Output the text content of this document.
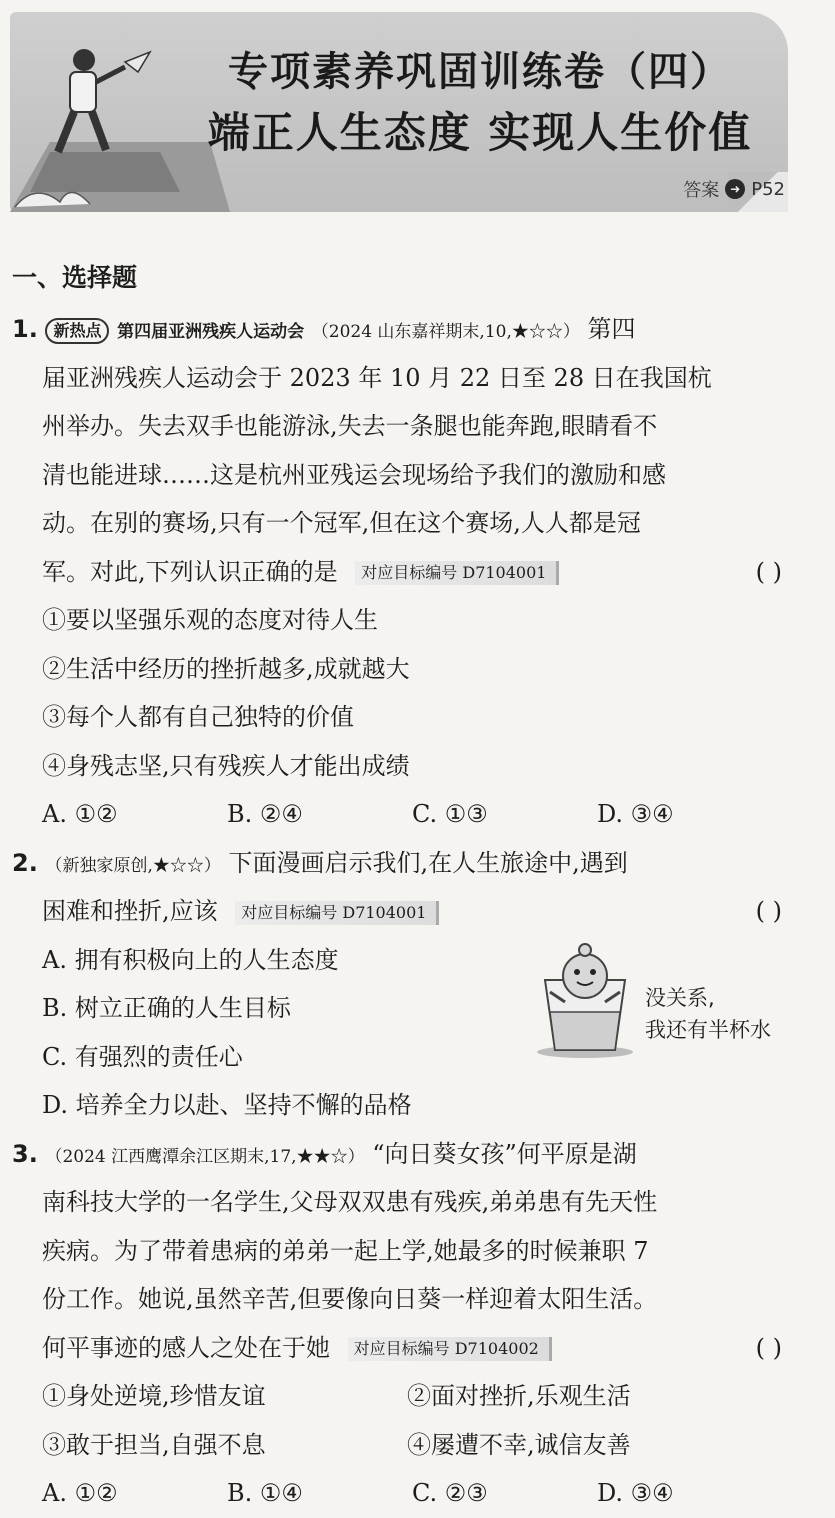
专项素养巩固训练卷（四）
端正人生态度 实现人生价值
答案 ➜ P52
一、选择题
1. 新热点 第四届亚洲残疾人运动会 （2024 山东嘉祥期末,10,★☆☆） 第四
届亚洲残疾人运动会于 2023 年 10 月 22 日至 28 日在我国杭
州举办。失去双手也能游泳,失去一条腿也能奔跑,眼睛看不
清也能进球……这是杭州亚残运会现场给予我们的激励和感
动。在别的赛场,只有一个冠军,但在这个赛场,人人都是冠
军。对此,下列认识正确的是 对应目标编号 D7104001	( )
①要以坚强乐观的态度对待人生
②生活中经历的挫折越多,成就越大
③每个人都有自己独特的价值
④身残志坚,只有残疾人才能出成绩
A. ①②	B. ②④	C. ①③	D. ③④
2. （新独家原创,★☆☆） 下面漫画启示我们,在人生旅途中,遇到
困难和挫折,应该 对应目标编号 D7104001	( )
A. 拥有积极向上的人生态度
B. 树立正确的人生目标
C. 有强烈的责任心
D. 培养全力以赴、坚持不懈的品格
3. （2024 江西鹰潭余江区期末,17,★★☆） “向日葵女孩”何平原是湖
南科技大学的一名学生,父母双双患有残疾,弟弟患有先天性
疾病。为了带着患病的弟弟一起上学,她最多的时候兼职 7
份工作。她说,虽然辛苦,但要像向日葵一样迎着太阳生活。
何平事迹的感人之处在于她 对应目标编号 D7104002	( )
①身处逆境,珍惜友谊	②面对挫折,乐观生活
③敢于担当,自强不息	④屡遭不幸,诚信友善
A. ①②	B. ①④	C. ②③	D. ③④
没关系,
我还有半杯水
